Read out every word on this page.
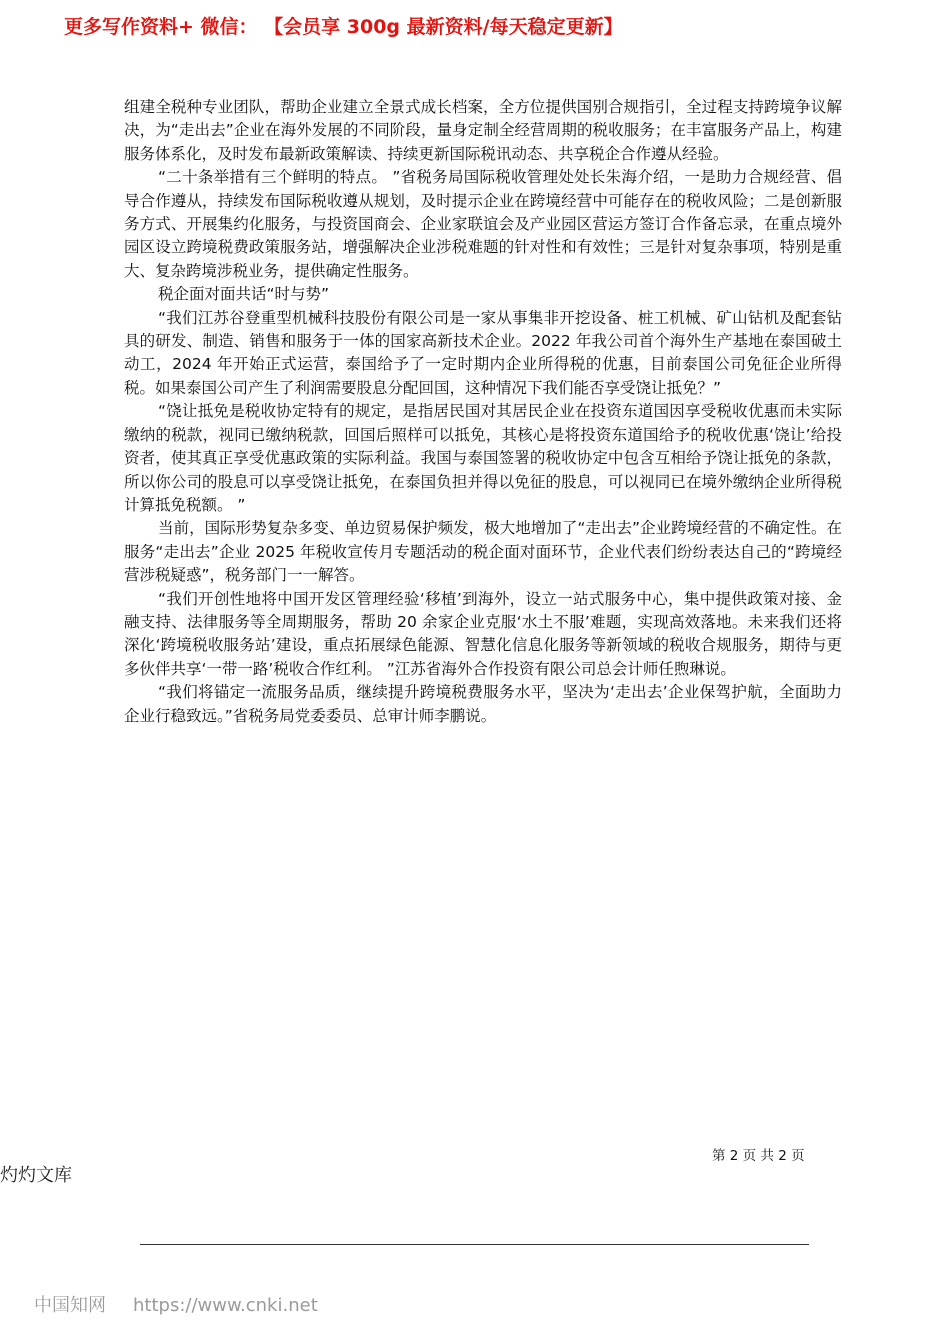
更多写作资料+ 微信： 【会员享 300g 最新资料/每天稳定更新】

组建全税种专业团队，帮助企业建立全景式成长档案，全方位提供国别合规指引，全过程支持跨境争议解决，为“走出去”企业在海外发展的不同阶段，量身定制全经营周期的税收服务；在丰富服务产品上，构建服务体系化，及时发布最新政策解读、持续更新国际税讯动态、共享税企合作遵从经验。

“二十条举措有三个鲜明的特点。 ”省税务局国际税收管理处处长朱海介绍，一是助力合规经营、倡导合作遵从，持续发布国际税收遵从规划，及时提示企业在跨境经营中可能存在的税收风险；二是创新服务方式、开展集约化服务，与投资国商会、企业家联谊会及产业园区营运方签订合作备忘录，在重点境外园区设立跨境税费政策服务站，增强解决企业涉税难题的针对性和有效性；三是针对复杂事项，特别是重大、复杂跨境涉税业务，提供确定性服务。

税企面对面共话“时与势”

“我们江苏谷登重型机械科技股份有限公司是一家从事集非开挖设备、桩工机械、矿山钻机及配套钻具的研发、制造、销售和服务于一体的国家高新技术企业。2022 年我公司首个海外生产基地在泰国破土动工，2024 年开始正式运营，泰国给予了一定时期内企业所得税的优惠，目前泰国公司免征企业所得税。如果泰国公司产生了利润需要股息分配回国，这种情况下我们能否享受饶让抵免？”

“饶让抵免是税收协定特有的规定，是指居民国对其居民企业在投资东道国因享受税收优惠而未实际缴纳的税款，视同已缴纳税款，回国后照样可以抵免，其核心是将投资东道国给予的税收优惠‘饶让’给投资者，使其真正享受优惠政策的实际利益。我国与泰国签署的税收协定中包含互相给予饶让抵免的条款，所以你公司的股息可以享受饶让抵免，在泰国负担并得以免征的股息，可以视同已在境外缴纳企业所得税计算抵免税额。 ”

当前，国际形势复杂多变、单边贸易保护频发，极大地增加了“走出去”企业跨境经营的不确定性。在服务“走出去”企业 2025 年税收宣传月专题活动的税企面对面环节，企业代表们纷纷表达自己的“跨境经营涉税疑惑”，税务部门一一解答。

“我们开创性地将中国开发区管理经验‘移植’到海外，设立一站式服务中心，集中提供政策对接、金融支持、法律服务等全周期服务，帮助 20 余家企业克服‘水土不服’难题，实现高效落地。未来我们还将深化‘跨境税收服务站’建设，重点拓展绿色能源、智慧化信息化服务等新领域的税收合规服务，期待与更多伙伴共享‘一带一路’税收合作红利。 ”江苏省海外合作投资有限公司总会计师任煦琳说。

“我们将锚定一流服务品质，继续提升跨境税费服务水平，坚决为‘走出去’企业保驾护航，全面助力企业行稳致远。”省税务局党委委员、总审计师李鹏说。

第 2 页 共 2 页
灼灼文库
中国知网 https://www.cnki.net
